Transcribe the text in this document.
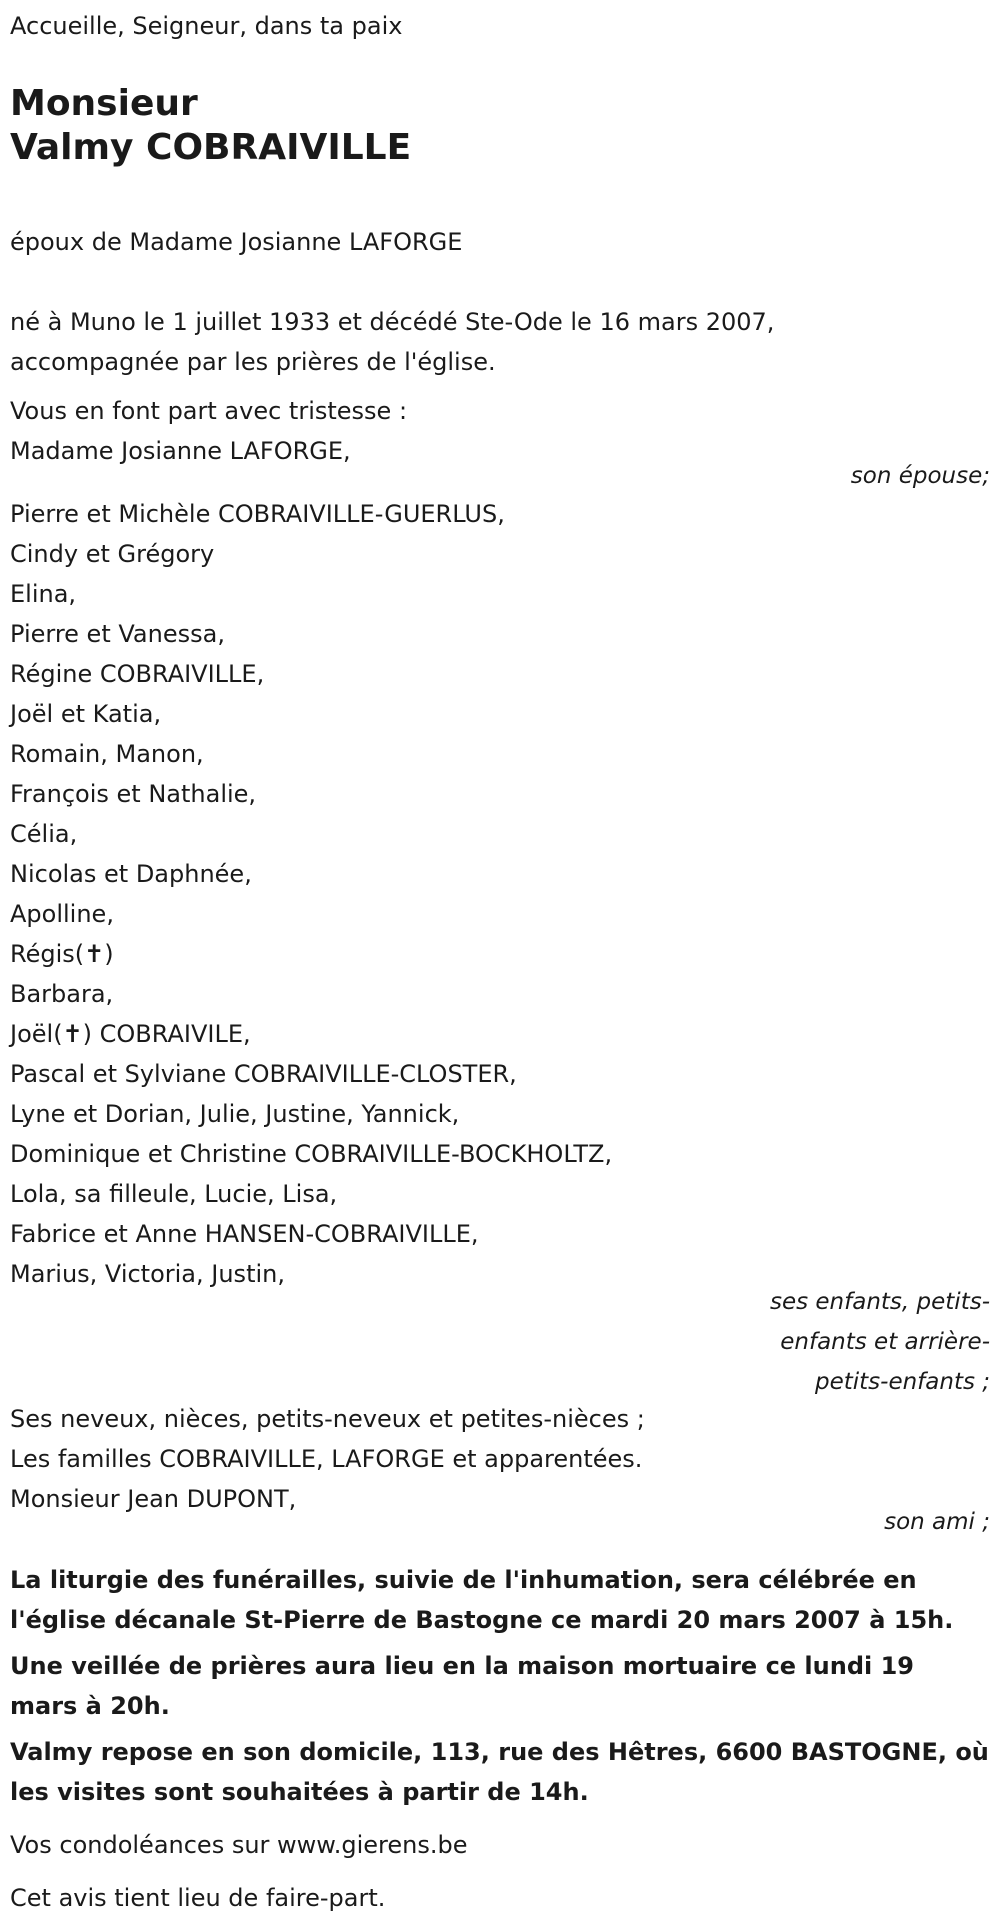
Accueille, Seigneur, dans ta paix
Monsieur
Valmy COBRAIVILLE
époux de Madame Josianne LAFORGE
né à Muno le 1 juillet 1933 et décédé Ste-Ode le 16 mars 2007,
accompagnée par les prières de l'église.
Vous en font part avec tristesse :
Madame Josianne LAFORGE,
son épouse;
Pierre et Michèle COBRAIVILLE-GUERLUS,
Cindy et Grégory
Elina,
Pierre et Vanessa,
Régine COBRAIVILLE,
Joël et Katia,
Romain, Manon,
François et Nathalie,
Célia,
Nicolas et Daphnée,
Apolline,
Régis(✝)
Barbara,
Joël(✝) COBRAIVILE,
Pascal et Sylviane COBRAIVILLE-CLOSTER,
Lyne et Dorian, Julie, Justine, Yannick,
Dominique et Christine COBRAIVILLE-BOCKHOLTZ,
Lola, sa filleule, Lucie, Lisa,
Fabrice et Anne HANSEN-COBRAIVILLE,
Marius, Victoria, Justin,
ses enfants, petits-
enfants et arrière-
petits-enfants ;
Ses neveux, nièces, petits-neveux et petites-nièces ;
Les familles COBRAIVILLE, LAFORGE et apparentées.
Monsieur Jean DUPONT,
son ami ;
La liturgie des funérailles, suivie de l'inhumation, sera célébrée en
l'église décanale St-Pierre de Bastogne ce mardi 20 mars 2007 à 15h.
Une veillée de prières aura lieu en la maison mortuaire ce lundi 19
mars à 20h.
Valmy repose en son domicile, 113, rue des Hêtres, 6600 BASTOGNE, où
les visites sont souhaitées à partir de 14h.
Vos condoléances sur www.gierens.be
Cet avis tient lieu de faire-part.
